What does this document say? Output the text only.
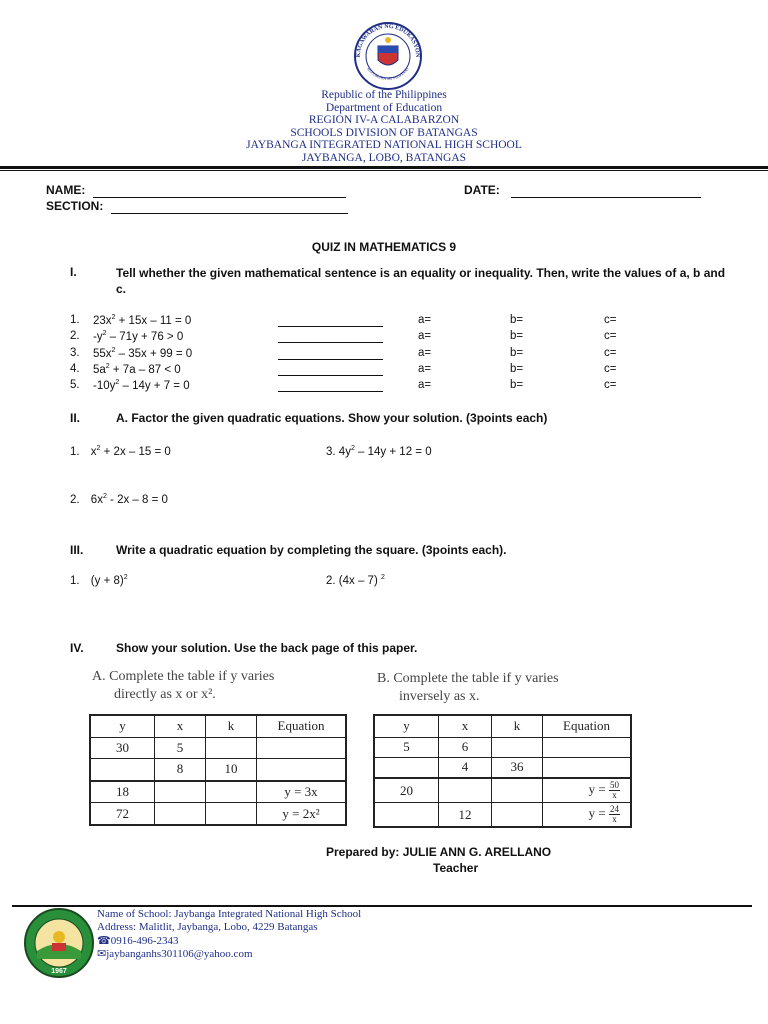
KAGAWARAN NG EDUKASYON
REPUBLIKA NG PILIPINAS
Republic of the Philippines
Department of Education
REGION IV-A CALABARZON
SCHOOLS DIVISION OF BATANGAS
JAYBANGA INTEGRATED NATIONAL HIGH SCHOOL
JAYBANGA, LOBO, BATANGAS
NAME:	DATE:
SECTION:
QUIZ IN MATHEMATICS 9
I.	Tell whether the given mathematical sentence is an equality or inequality. Then, write the values of a, b and c.
1. $23x^2 + 15x - 11 = 0$	a=	b=	c=
2. $-y^2 - 71y + 76 > 0$	a=	b=	c=
3. $55x^2 - 35x + 99 = 0$	a=	b=	c=
4. $5a^2 + 7a - 87 < 0$	a=	b=	c=
5. $-10y^2 - 14y + 7 = 0$	a=	b=	c=
II.	A. Factor the given quadratic equations. Show your solution. (3points each)
1. $x^2 + 2x - 15 = 0$	3. $4y^2 - 14y + 12 = 0$
2. $6x^2 - 2x - 8 = 0$
III.	Write a quadratic equation by completing the square. (3points each).
1. $(y + 8)^2$	2. (4x – 7) $^2$
IV.	Show your solution. Use the back page of this paper.
A. Complete the table if y varies
directly as x or x².
y	x	k	Equation
30	5		
	8	10	
18			y = 3x
72			y = 2x²
B. Complete the table if y varies
inversely as x.
y	x	k	Equation
5	6		
	4	36	
20			$y = \frac{50}{x}$

	12		$y = \frac{24}{x}$
Prepared by: JULIE ANN G. ARELLANO
Teacher
1967
Name of School: Jaybanga Integrated National High School
Address: Malitlit, Jaybanga, Lobo, 4229 Batangas
☎0916-496-2343
✉jaybanganhs301106@yahoo.com
